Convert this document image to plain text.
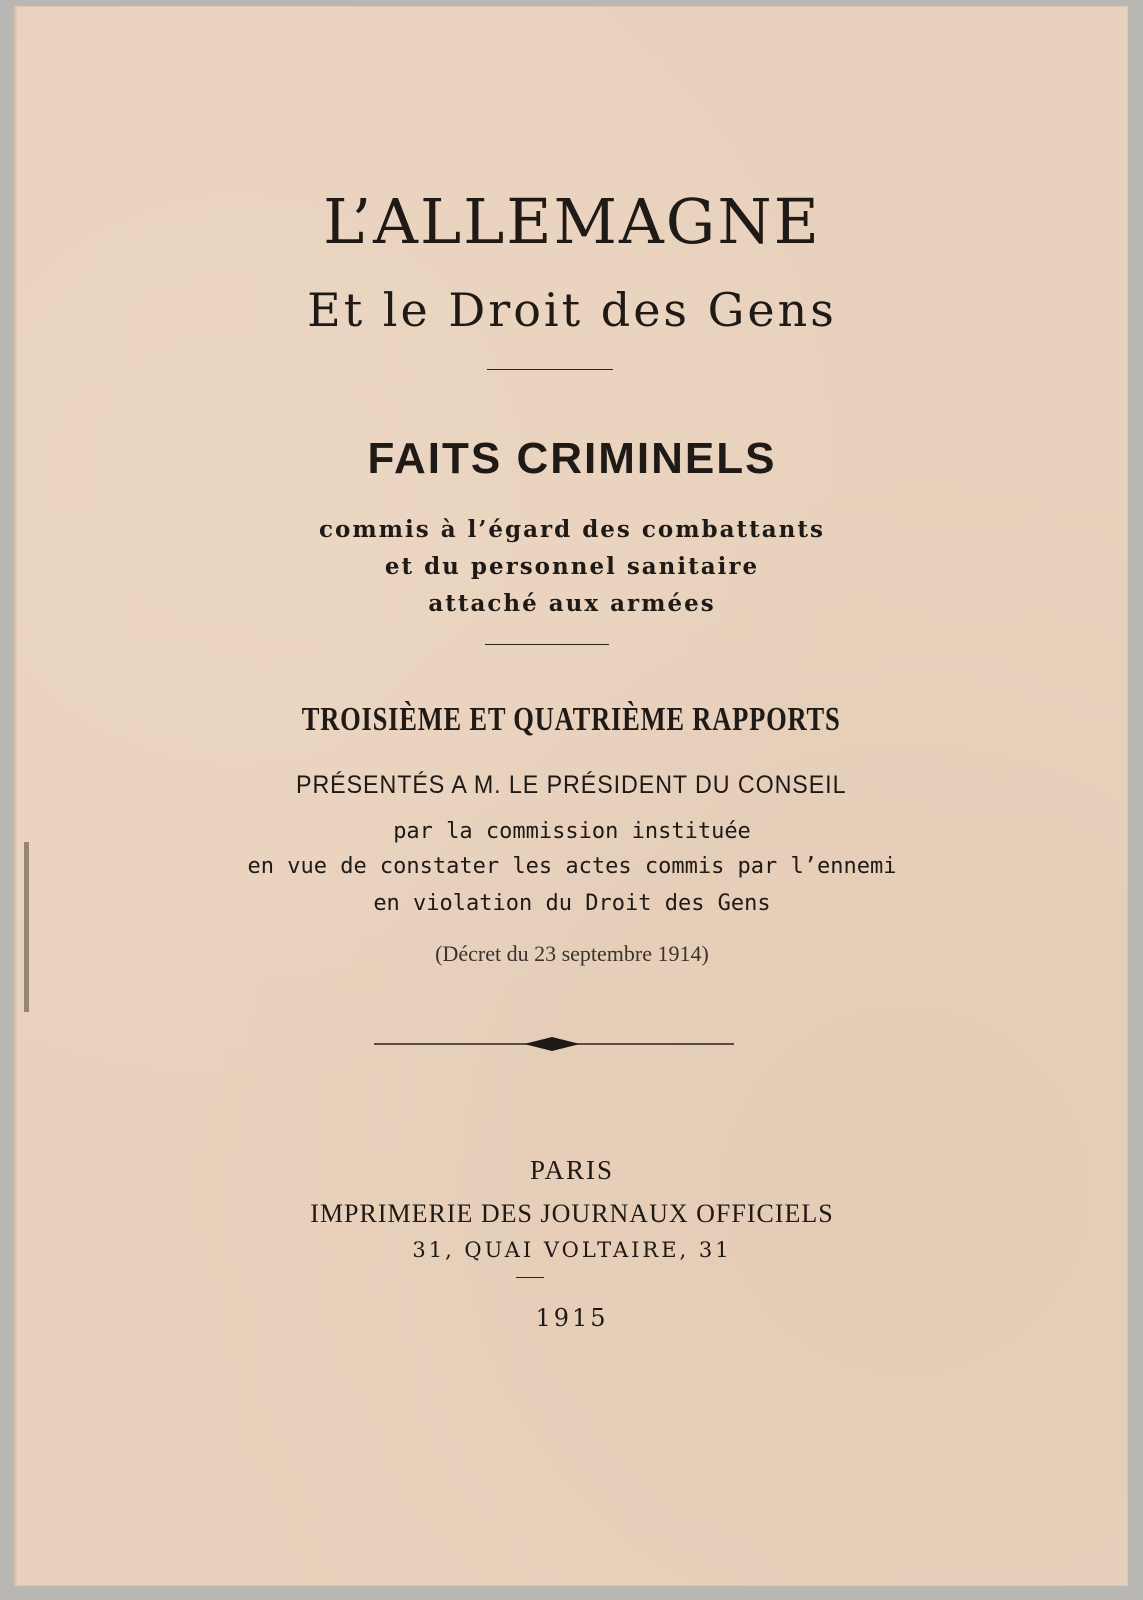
L’ALLEMAGNE
Et le Droit des Gens
FAITS CRIMINELS
commis à l’égard des combattants
et du personnel sanitaire
attaché aux armées
TROISIÈME ET QUATRIÈME RAPPORTS
PRÉSENTÉS A M. LE PRÉSIDENT DU CONSEIL
par la commission instituée
en vue de constater les actes commis par l’ennemi
en violation du Droit des Gens
(Décret du 23 septembre 1914)
PARIS
IMPRIMERIE DES JOURNAUX OFFICIELS
31, QUAI VOLTAIRE, 31
1915
